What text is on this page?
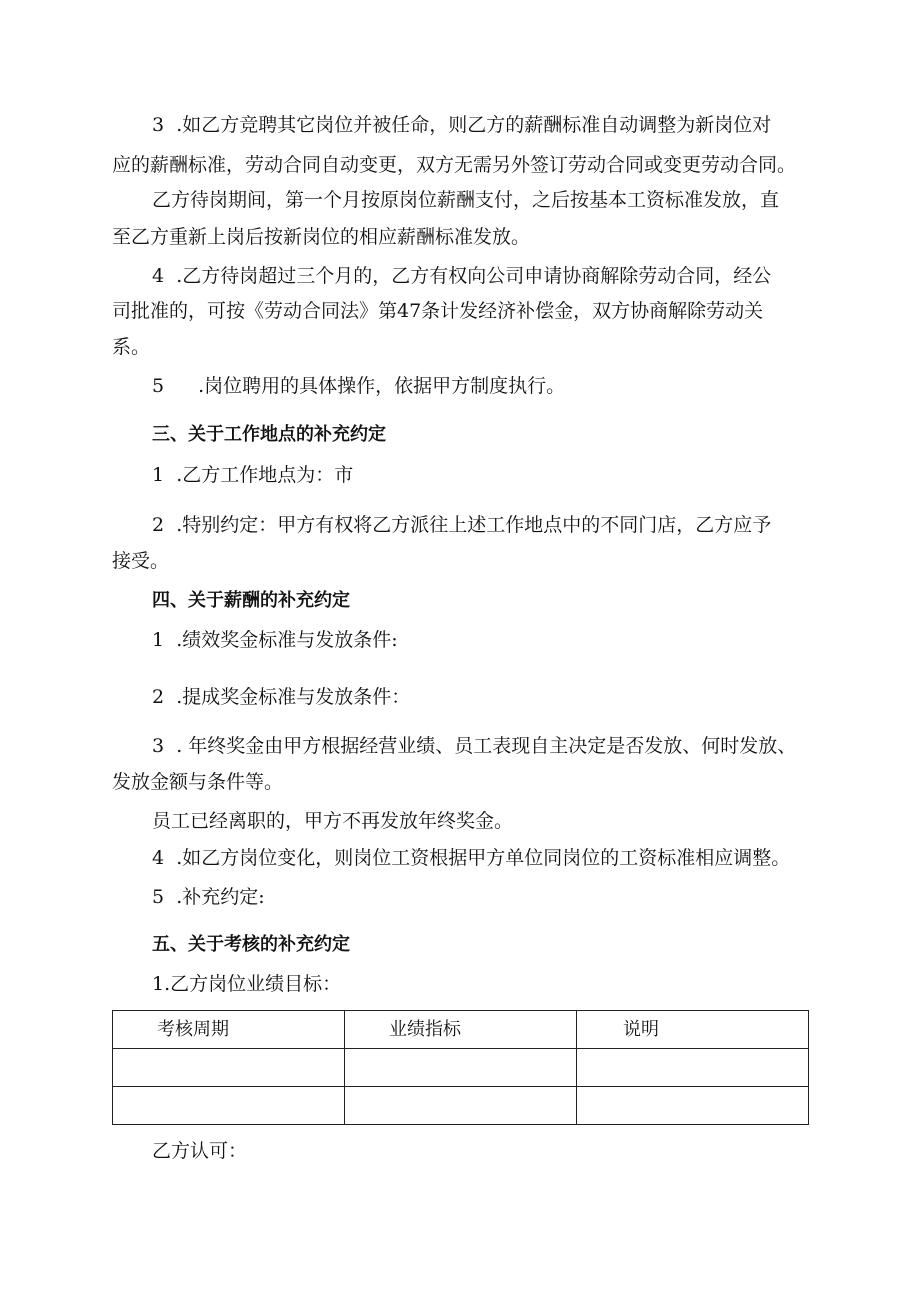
3 .如乙方竞聘其它岗位并被任命，则乙方的薪酬标准自动调整为新岗位对
应的薪酬标准，劳动合同自动变更，双方无需另外签订劳动合同或变更劳动合同。
乙方待岗期间，第一个月按原岗位薪酬支付，之后按基本工资标准发放，直
至乙方重新上岗后按新岗位的相应薪酬标准发放。
4 .乙方待岗超过三个月的，乙方有权向公司申请协商解除劳动合同，经公
司批准的，可按《劳动合同法》第47条计发经济补偿金，双方协商解除劳动关
系。
5 .岗位聘用的具体操作，依据甲方制度执行。
三、关于工作地点的补充约定
1 .乙方工作地点为：市
2 .特别约定：甲方有权将乙方派往上述工作地点中的不同门店，乙方应予
接受。
四、关于薪酬的补充约定
1 .绩效奖金标准与发放条件:
2 .提成奖金标准与发放条件：
3 . 年终奖金由甲方根据经营业绩、员工表现自主决定是否发放、何时发放、
发放金额与条件等。
员工已经离职的，甲方不再发放年终奖金。
4 .如乙方岗位变化，则岗位工资根据甲方单位同岗位的工资标准相应调整。
5 .补充约定:
五、关于考核的补充约定
1.乙方岗位业绩目标：
考核周期	业绩指标	说明

乙方认可：
